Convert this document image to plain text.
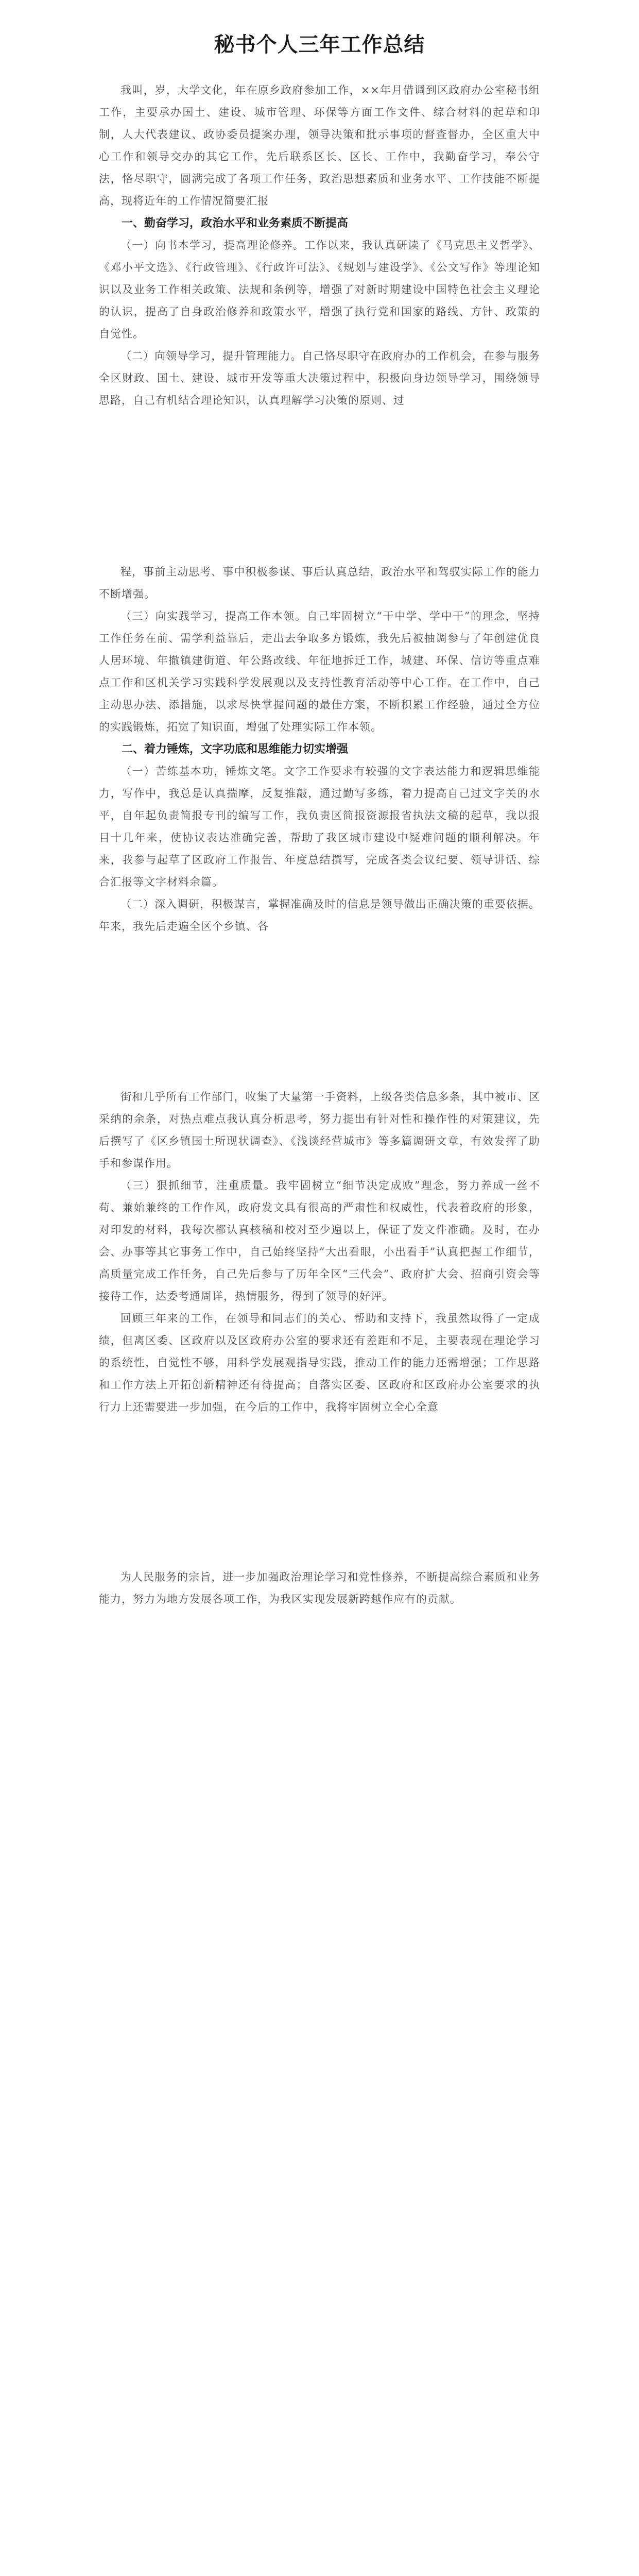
秘书个人三年工作总结

我叫，岁，大学文化，年在原乡政府参加工作，××年月借调到区政府办公室秘书组工作，主要承办国土、建设、城市管理、环保等方面工作文件、综合材料的起草和印制，人大代表建议、政协委员提案办理，领导决策和批示事项的督查督办，全区重大中心工作和领导交办的其它工作，先后联系区长、区长、工作中，我勤奋学习，奉公守法，恪尽职守，圆满完成了各项工作任务，政治思想素质和业务水平、工作技能不断提高，现将近年的工作情况简要汇报

一、勤奋学习，政治水平和业务素质不断提高

（一）向书本学习，提高理论修养。工作以来，我认真研读了《马克思主义哲学》、《邓小平文选》、《行政管理》、《行政许可法》、《规划与建设学》、《公文写作》等理论知识以及业务工作相关政策、法规和条例等，增强了对新时期建设中国特色社会主义理论的认识，提高了自身政治修养和政策水平，增强了执行党和国家的路线、方针、政策的自觉性。

（二）向领导学习，提升管理能力。自己恪尽职守在政府办的工作机会，在参与服务全区财政、国土、建设、城市开发等重大决策过程中，积极向身边领导学习，围绕领导思路，自己有机结合理论知识，认真理解学习决策的原则、过

程，事前主动思考、事中积极参谋、事后认真总结，政治水平和驾驭实际工作的能力不断增强。

（三）向实践学习，提高工作本领。自己牢固树立“干中学、学中干”的理念，坚持工作任务在前、需学利益靠后，走出去争取多方锻炼，我先后被抽调参与了年创建优良人居环境、年撤镇建街道、年公路改线、年征地拆迁工作，城建、环保、信访等重点难点工作和区机关学习实践科学发展观以及支持性教育活动等中心工作。在工作中，自己主动思办法、添措施，以求尽快掌握问题的最佳方案，不断积累工作经验，通过全方位的实践锻炼，拓宽了知识面，增强了处理实际工作本领。

二、着力锤炼，文字功底和思维能力切实增强

（一）苦练基本功，锤炼文笔。文字工作要求有较强的文字表达能力和逻辑思维能力，写作中，我总是认真揣摩，反复推敲，通过勤写多练，着力提高自己过文字关的水平，自年起负责简报专刊的编写工作，我负责区简报资源报省执法文稿的起草，我以报目十几年来，使协议表达准确完善，帮助了我区城市建设中疑难问题的顺利解决。年来，我参与起草了区政府工作报告、年度总结撰写，完成各类会议纪要、领导讲话、综合汇报等文字材料余篇。

（二）深入调研，积极谋言，掌握准确及时的信息是领导做出正确决策的重要依据。年来，我先后走遍全区个乡镇、各

街和几乎所有工作部门，收集了大量第一手资料，上级各类信息多条，其中被市、区采纳的余条，对热点难点我认真分析思考，努力提出有针对性和操作性的对策建议，先后撰写了《区乡镇国土所现状调查》、《浅谈经营城市》等多篇调研文章，有效发挥了助手和参谋作用。

（三）狠抓细节，注重质量。我牢固树立“细节决定成败”理念，努力养成一丝不苟、兼始兼终的工作作风，政府发文具有很高的严肃性和权威性，代表着政府的形象，对印发的材料，我每次都认真核稿和校对至少遍以上，保证了发文件准确。及时，在办会、办事等其它事务工作中，自己始终坚持“大出看眼，小出看手”认真把握工作细节，高质量完成工作任务，自己先后参与了历年全区“三代会”、政府扩大会、招商引资会等接待工作，达委考通周详，热情服务，得到了领导的好评。

回顾三年来的工作，在领导和同志们的关心、帮助和支持下，我虽然取得了一定成绩，但离区委、区政府以及区政府办公室的要求还有差距和不足，主要表现在理论学习的系统性，自觉性不够，用科学发展观指导实践，推动工作的能力还需增强；工作思路和工作方法上开拓创新精神还有待提高；自落实区委、区政府和区政府办公室要求的执行力上还需要进一步加强，在今后的工作中，我将牢固树立全心全意

为人民服务的宗旨，进一步加强政治理论学习和党性修养，不断提高综合素质和业务能力，努力为地方发展各项工作，为我区实现发展新跨越作应有的贡献。
